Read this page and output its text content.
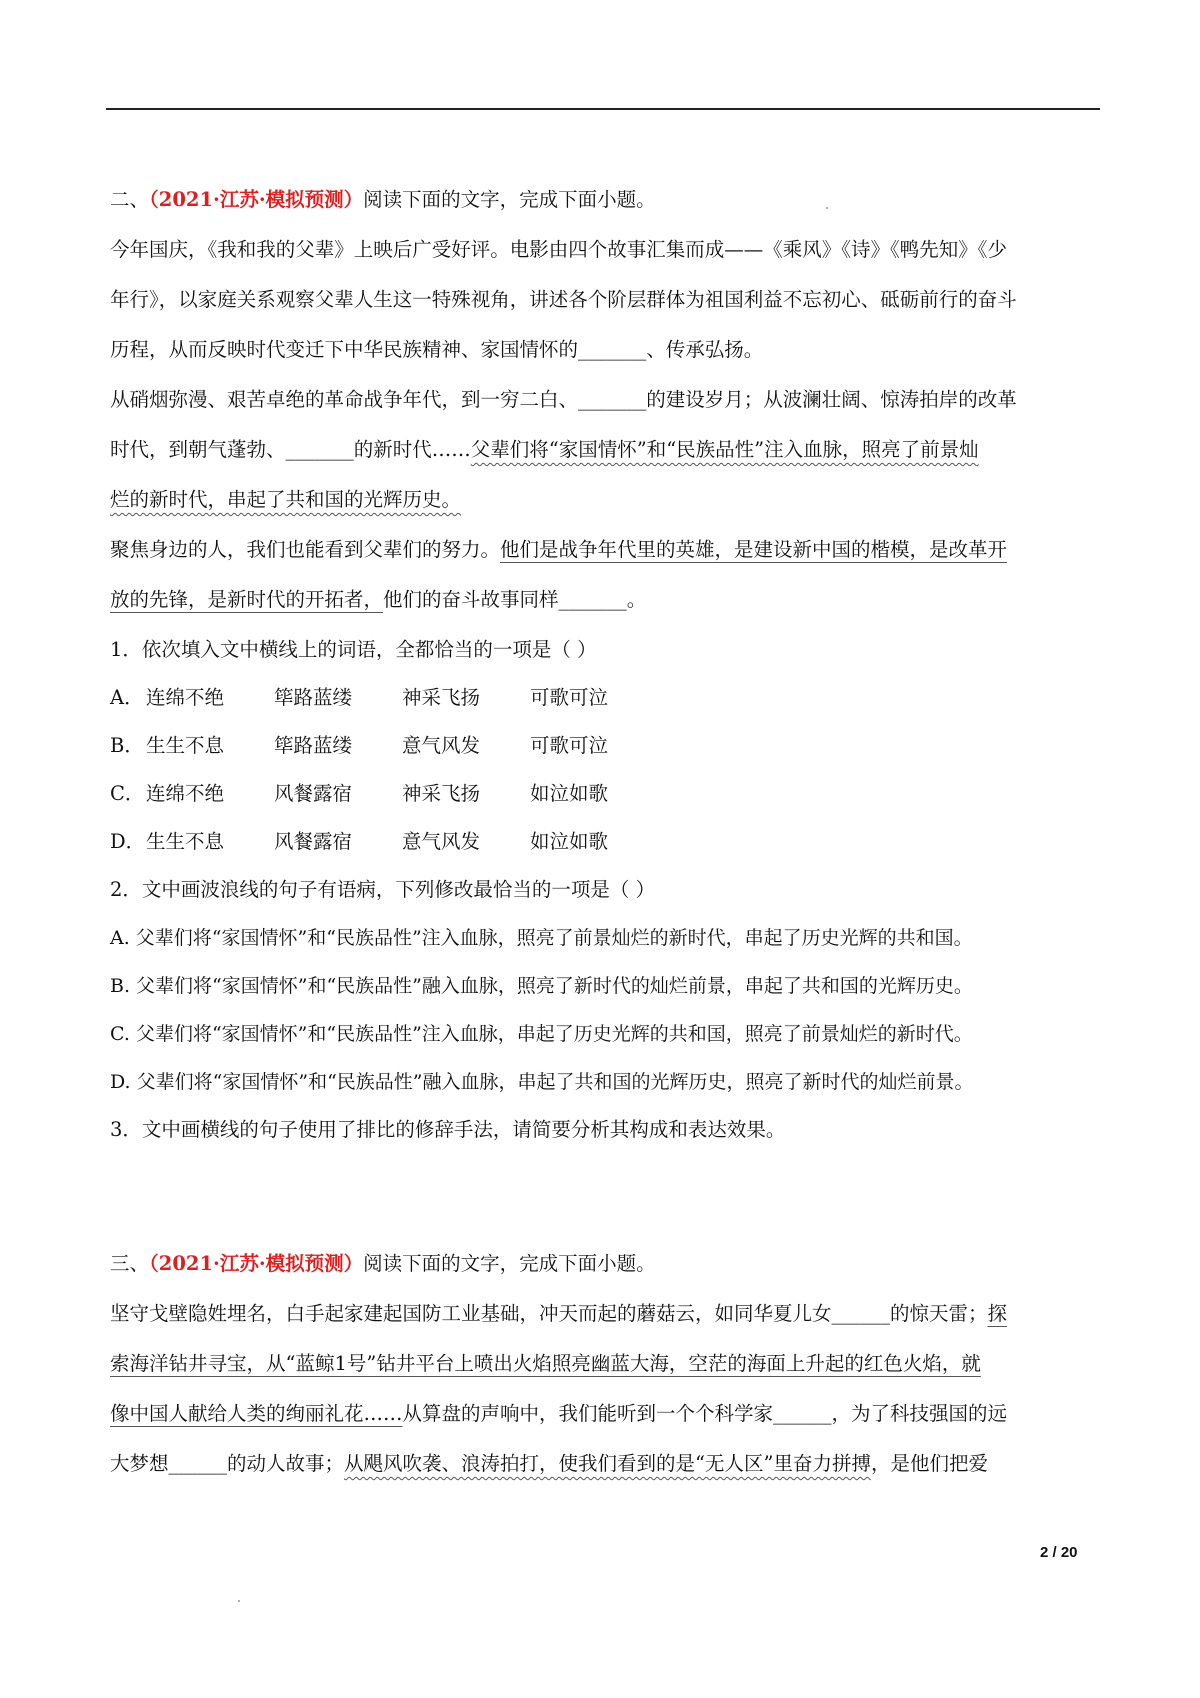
二、（2021·江苏·模拟预测）阅读下面的文字，完成下面小题。
今年国庆，《我和我的父辈》上映后广受好评。电影由四个故事汇集而成——《乘风》《诗》《鸭先知》《少
年行》，以家庭关系观察父辈人生这一特殊视角，讲述各个阶层群体为祖国利益不忘初心、砥砺前行的奋斗
历程，从而反映时代变迁下中华民族精神、家国情怀的_______、传承弘扬。
从硝烟弥漫、艰苦卓绝的革命战争年代，到一穷二白、_______的建设岁月；从波澜壮阔、惊涛拍岸的改革
时代，到朝气蓬勃、_______的新时代……父辈们将“家国情怀”和“民族品性”注入血脉，照亮了前景灿
烂的新时代，串起了共和国的光辉历史。
聚焦身边的人，我们也能看到父辈们的努力。他们是战争年代里的英雄，是建设新中国的楷模，是改革开
放的先锋，是新时代的开拓者，他们的奋斗故事同样_______。
1．依次填入文中横线上的词语，全都恰当的一项是（ ）
A． 连绵不绝	筚路蓝缕	神采飞扬	可歌可泣
B． 生生不息	筚路蓝缕	意气风发	可歌可泣
C． 连绵不绝	风餐露宿	神采飞扬	如泣如歌
D． 生生不息	风餐露宿	意气风发	如泣如歌
2．文中画波浪线的句子有语病，下列修改最恰当的一项是（ ）
A. 父辈们将“家国情怀”和“民族品性”注入血脉，照亮了前景灿烂的新时代，串起了历史光辉的共和国。
B. 父辈们将“家国情怀”和“民族品性”融入血脉，照亮了新时代的灿烂前景，串起了共和国的光辉历史。
C. 父辈们将“家国情怀”和“民族品性”注入血脉，串起了历史光辉的共和国，照亮了前景灿烂的新时代。
D. 父辈们将“家国情怀”和“民族品性”融入血脉，串起了共和国的光辉历史，照亮了新时代的灿烂前景。
3．文中画横线的句子使用了排比的修辞手法，请简要分析其构成和表达效果。
三、（2021·江苏·模拟预测）阅读下面的文字，完成下面小题。
坚守戈壁隐姓埋名，白手起家建起国防工业基础，冲天而起的蘑菇云，如同华夏儿女______的惊天雷；探
索海洋钻井寻宝，从“蓝鲸1号”钻井平台上喷出火焰照亮幽蓝大海，空茫的海面上升起的红色火焰，就
像中国人献给人类的绚丽礼花……从算盘的声响中，我们能听到一个个科学家______，为了科技强国的远
大梦想______的动人故事；从飓风吹袭、浪涛拍打，使我们看到的是“无人区”里奋力拼搏，是他们把爱
2 / 20
